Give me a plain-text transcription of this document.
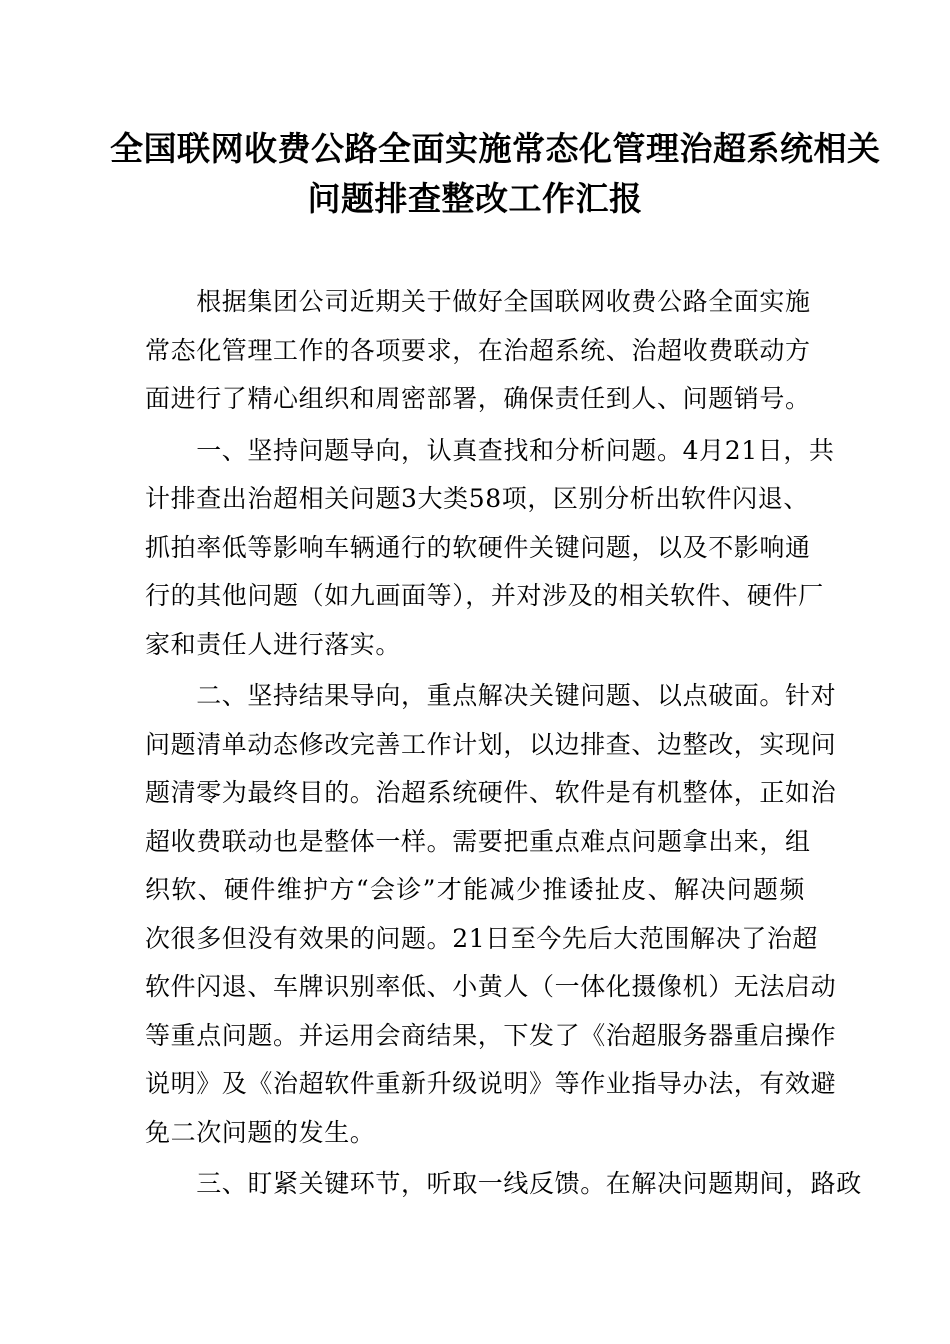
全国联网收费公路全面实施常态化管理治超系统相关
问题排查整改工作汇报
　　根据集团公司近期关于做好全国联网收费公路全面实施
常态化管理工作的各项要求，在治超系统、治超收费联动方
面进行了精心组织和周密部署，确保责任到人、问题销号。
　　一、坚持问题导向，认真查找和分析问题。4月21日，共
计排查出治超相关问题3大类58项，区别分析出软件闪退、
抓拍率低等影响车辆通行的软硬件关键问题，以及不影响通
行的其他问题（如九画面等），并对涉及的相关软件、硬件厂
家和责任人进行落实。
　　二、坚持结果导向，重点解决关键问题、以点破面。针对
问题清单动态修改完善工作计划，以边排查、边整改，实现问
题清零为最终目的。治超系统硬件、软件是有机整体，正如治
超收费联动也是整体一样。需要把重点难点问题拿出来，组
织软、硬件维护方“会诊”才能减少推诿扯皮、解决问题频
次很多但没有效果的问题。21日至今先后大范围解决了治超
软件闪退、车牌识别率低、小黄人（一体化摄像机）无法启动
等重点问题。并运用会商结果，下发了《治超服务器重启操作
说明》及《治超软件重新升级说明》等作业指导办法，有效避
免二次问题的发生。
　　三、盯紧关键环节，听取一线反馈。在解决问题期间，路政
